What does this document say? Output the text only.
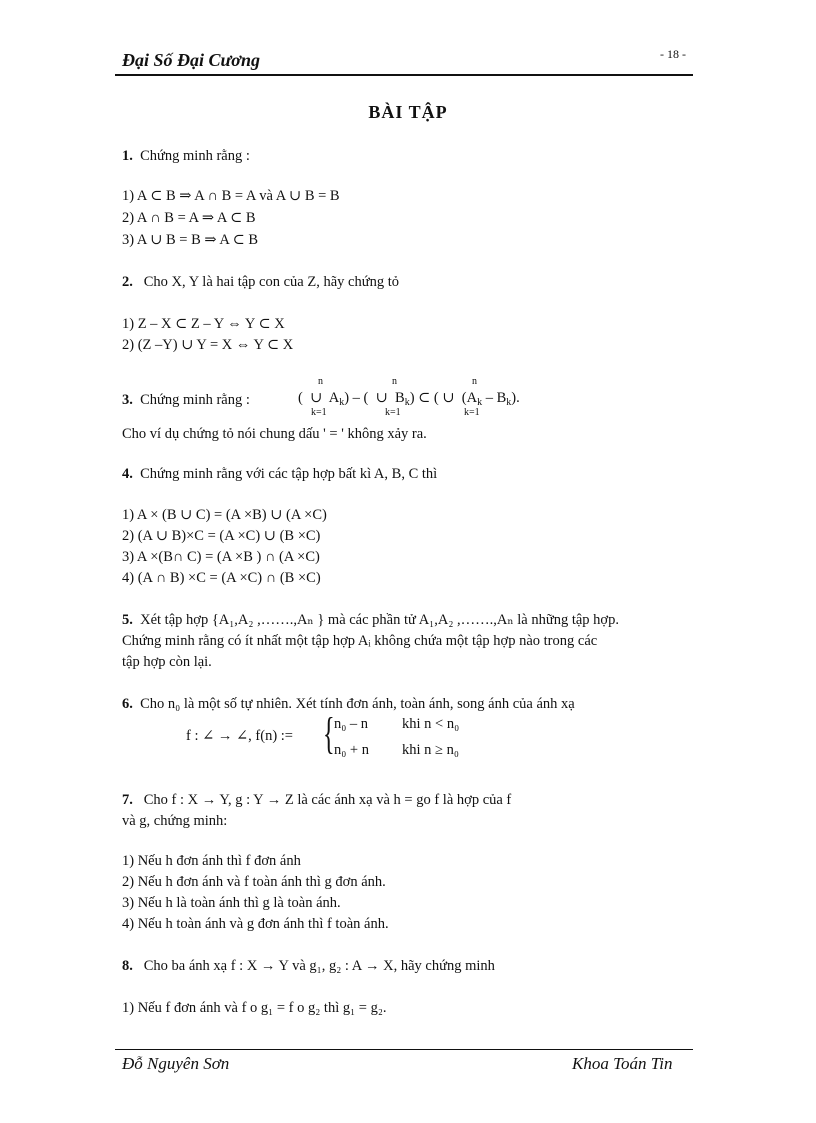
Đại Số Đại Cương	- 18 -
BÀI TẬP
1. Chứng minh rằng :
1) A ⊂ B ⇒ A ∩ B = A và A ∪ B = B
2) A ∩ B = A ⇒ A ⊂ B
3) A ∪ B = B ⇒ A ⊂ B
2. Cho X, Y là hai tập con của Z, hãy chứng tỏ
1) Z – X ⊂ Z – Y ⇔ Y ⊂ X
2) (Z –Y) ∪ Y = X ⇔ Y ⊂ X
3. Chứng minh rằng :
n	n	n
( ∪ $A_k$) – ( ∪ $B_k$) ⊂ ( ∪ $(A_k - B_k)$.
k=1	k=1	k=1
Cho ví dụ chứng tỏ nói chung dấu ' = ' không xảy ra.
4. Chứng minh rằng với các tập hợp bất kì A, B, C thì
1) A × (B ∪ C) = (A ×B) ∪ (A ×C)
2) (A ∪ B)×C = (A ×C) ∪ (B ×C)
3) A ×(B∩ C) = (A ×B ) ∩ (A ×C)
4) (A ∩ B) ×C = (A ×C) ∩ (B ×C)
5. Xét tập hợp {A₁,A₂ ,…….,Aₙ } mà các phần tử A₁,A₂ ,…….,Aₙ là những tập hợp.
Chứng minh rằng có ít nhất một tập hợp Aᵢ không chứa một tập hợp nào trong các
tập hợp còn lại.
6. Cho n₀ là một số tự nhiên. Xét tính đơn ánh, toàn ánh, song ánh của ánh xạ
f : ∠ → ∠, f(n) := { n₀ – n khi n < n₀
n₀ + n khi n ≥ n₀
7. Cho f : X → Y, g : Y → Z là các ánh xạ và h = go f là hợp của f
và g, chứng minh:
1) Nếu h đơn ánh thì f đơn ánh
2) Nếu h đơn ánh và f toàn ánh thì g đơn ánh.
3) Nếu h là toàn ánh thì g là toàn ánh.
4) Nếu h toàn ánh và g đơn ánh thì f toàn ánh.
8. Cho ba ánh xạ f : X → Y và g₁, g₂ : A → X, hãy chứng minh
1) Nếu f đơn ánh và f o g₁ = f o g₂ thì g₁ = g₂.
Đỗ Nguyên Sơn	Khoa Toán Tin
